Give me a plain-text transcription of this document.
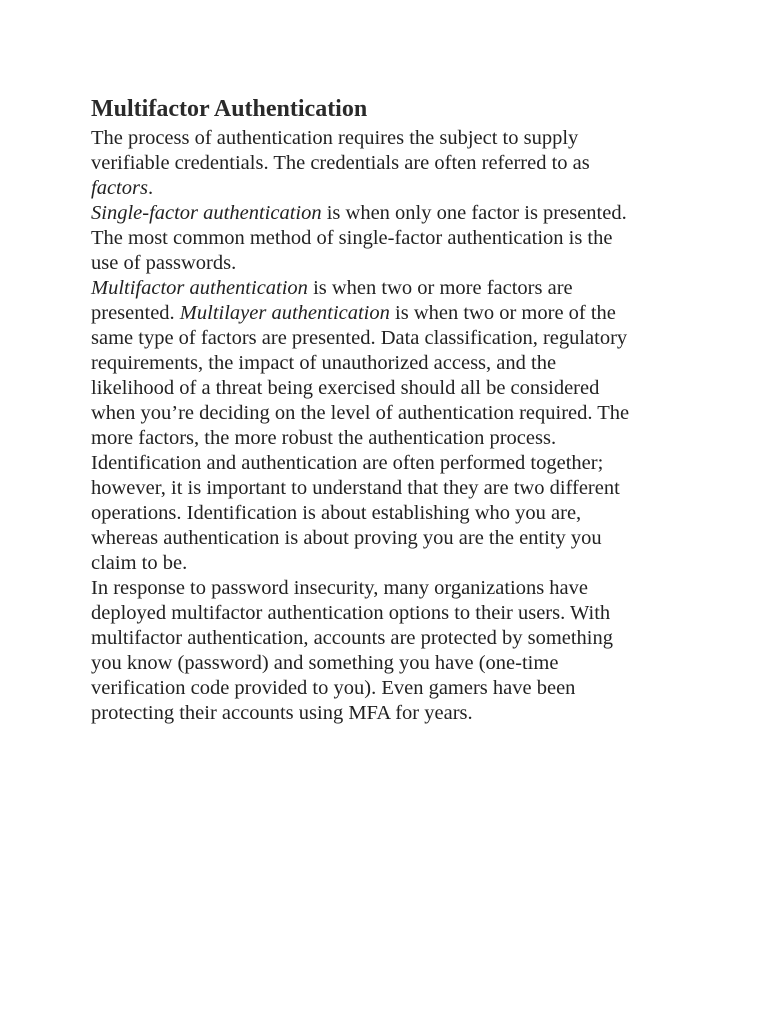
Multifactor Authentication

The process of authentication requires the subject to supply verifiable credentials. The credentials are often referred to as factors.

Single-factor authentication is when only one factor is presented. The most common method of single-factor authentication is the use of passwords.

Multifactor authentication is when two or more factors are presented. Multilayer authentication is when two or more of the same type of factors are presented. Data classification, regulatory requirements, the impact of unauthorized access, and the likelihood of a threat being exercised should all be considered when you’re deciding on the level of authentication required. The more factors, the more robust the authentication process.

Identification and authentication are often performed together; however, it is important to understand that they are two different operations. Identification is about establishing who you are, whereas authentication is about proving you are the entity you claim to be.

In response to password insecurity, many organizations have deployed multifactor authentication options to their users. With multifactor authentication, accounts are protected by something you know (password) and something you have (one-time verification code provided to you). Even gamers have been protecting their accounts using MFA for years.
